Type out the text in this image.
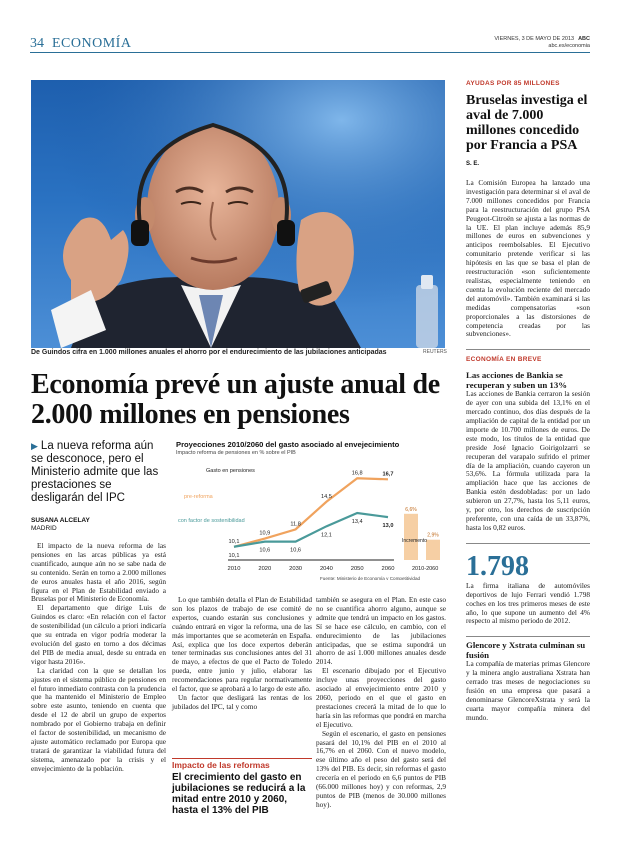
34 ECONOMÍA	VIERNES, 3 DE MAYO DE 2013 ABC
abc.es/economia
De Guindos cifra en 1.000 millones anuales el ahorro por el endurecimiento de las jubilaciones anticipadas	REUTERS
Economía prevé un ajuste anual de 2.000 millones en pensiones
▶ La nueva reforma aún se desconoce, pero el Ministerio admite que las prestaciones se desligarán del IPC
SUSANA ALCELAY
MADRID

El impacto de la nueva reforma de las pensiones en las arcas públicas ya está cuantificado, aunque aún no se sabe nada de su contenido. Serán en torno a 2.000 millones de euros anuales hasta el año 2016, según figura en el Plan de Estabilidad enviado a Bruselas por el Ministerio de Economía.

El departamento que dirige Luis de Guindos es claro: «En relación con el factor de sostenibilidad (un cálculo a priori indicaría que su entrada en vigor podría moderar la evolución del gasto en torno a dos décimas del PIB de media anual, desde su entrada en vigor hasta 2016».

La claridad con la que se detallan los ajustes en el sistema público de pensiones en el futuro inmediato contrasta con la prudencia que ha mantenido el Ministerio de Empleo sobre este asunto, teniendo en cuenta que desde el 12 de abril un grupo de expertos nombrado por el Gobierno trabaja en definir el factor de sostenibilidad, un mecanismo de ajuste automático reclamado por Europa que tratará de garantizar la viabilidad futura del sistema, amenazado por la crisis y el envejecimiento de la población.

Proyecciones 2010/2060 del gasto asociado al envejecimiento
Impacto reforma de pensiones en % sobre el PIB
Gasto en pensiones
pre-reforma
con factor de sostenibilidad
2010	2020	2030	2040	2050	2060
10,1
10,9
11,8
14,5
16,8	16,7
10,1
10,6	10,6
12,1
13,4
13,0
6,6%
2,9%
Incremento
2010-2060
Fuente: Ministerio de Economía y Competitividad

Lo que también detalla el Plan de Estabilidad son los plazos de trabajo de ese comité de expertos, cuando estarán sus conclusiones y cuándo entrará en vigor la reforma, una de las más importantes que se acometerán en España. Así, explica que los doce expertos deberán tener terminadas sus conclusiones antes del 31 de mayo, a efectos de que el Pacto de Toledo pueda, entre junio y julio, elaborar las recomendaciones para regular normativamente el factor, que se aprobará a lo largo de este año.

Un factor que desligará las rentas de los jubilados del IPC, tal y como

Impacto de las reformas
El crecimiento del gasto en jubilaciones se reducirá a la mitad entre 2010 y 2060, hasta el 13% del PIB

también se asegura en el Plan. En este caso no se cuantifica ahorro alguno, aunque se admite que tendrá un impacto en los gastos. Sí se hace ese cálculo, en cambio, con el endurecimiento de las jubilaciones anticipadas, que se estima supondrá un ahorro de así 1.000 millones anuales desde 2014.

El escenario dibujado por el Ejecutivo incluye unas proyecciones del gasto asociado al envejecimiento entre 2010 y 2060, periodo en el que el gasto en prestaciones crecerá la mitad de lo que lo haría sin las reformas que pondrá en marcha el Ejecutivo.

Según el escenario, el gasto en pensiones pasará del 10,1% del PIB en el 2010 al 16,7% en el 2060. Con el nuevo modelo, ese último año el peso del gasto será del 13% del PIB. Es decir, sin reformas el gasto crecería en el periodo en 6,6 puntos de PIB (66.000 millones hoy) y con reformas, 2,9 puntos de PIB (menos de 30.000 millones hoy).

AYUDAS POR 85 MILLONES
Bruselas investiga el aval de 7.000 millones concedido por Francia a PSA
S. E.
La Comisión Europea ha lanzado una investigación para determinar si el aval de 7.000 millones concedidos por Francia para la reestructuración del grupo PSA Peugeot-Citroën se ajusta a las normas de la UE. El plan incluye además 85,9 millones de euros en subvenciones y anticipos reembolsables. El Ejecutivo comunitario pretende verificar si las hipótesis en las que se basa el plan de reestructuración «son suficientemente realistas, especialmente teniendo en cuenta la evolución reciente del mercado del automóvil». También examinará si las medidas compensatorias «son proporcionales a las distorsiones de competencia creadas por las subvenciones».
ECONOMÍA EN BREVE
Las acciones de Bankia se recuperan y suben un 13%
Las acciones de Bankia cerraron la sesión de ayer con una subida del 13,1% en el mercado continuo, dos días después de la ampliación de capital de la entidad por un importe de 10.700 millones de euros. De este modo, los títulos de la entidad que preside José Ignacio Goirigolzarri se recuperan del varapalo sufrido el primer día de la ampliación, cuando cayeron un 53,6%. La fórmula utilizada para la ampliación hace que las acciones de Bankia estén desdobladas: por un lado subieron un 27,7%, hasta los 5,11 euros, y, por otro, los derechos de suscripción preferente, con una caída de un 33,87%, hasta los 0,82 euros.
1.798
La firma italiana de automóviles deportivos de lujo Ferrari vendió 1.798 coches en los tres primeros meses de este año, lo que supone un aumento del 4% respecto al mismo periodo de 2012.
Glencore y Xstrata culminan su fusión
La compañía de materias primas Glencore y la minera anglo australiana Xstrata han cerrado tras meses de negociaciones su fusión en una empresa que pasará a denominarse GlencoreXstrata y será la cuarta mayor compañía minera del mundo.
